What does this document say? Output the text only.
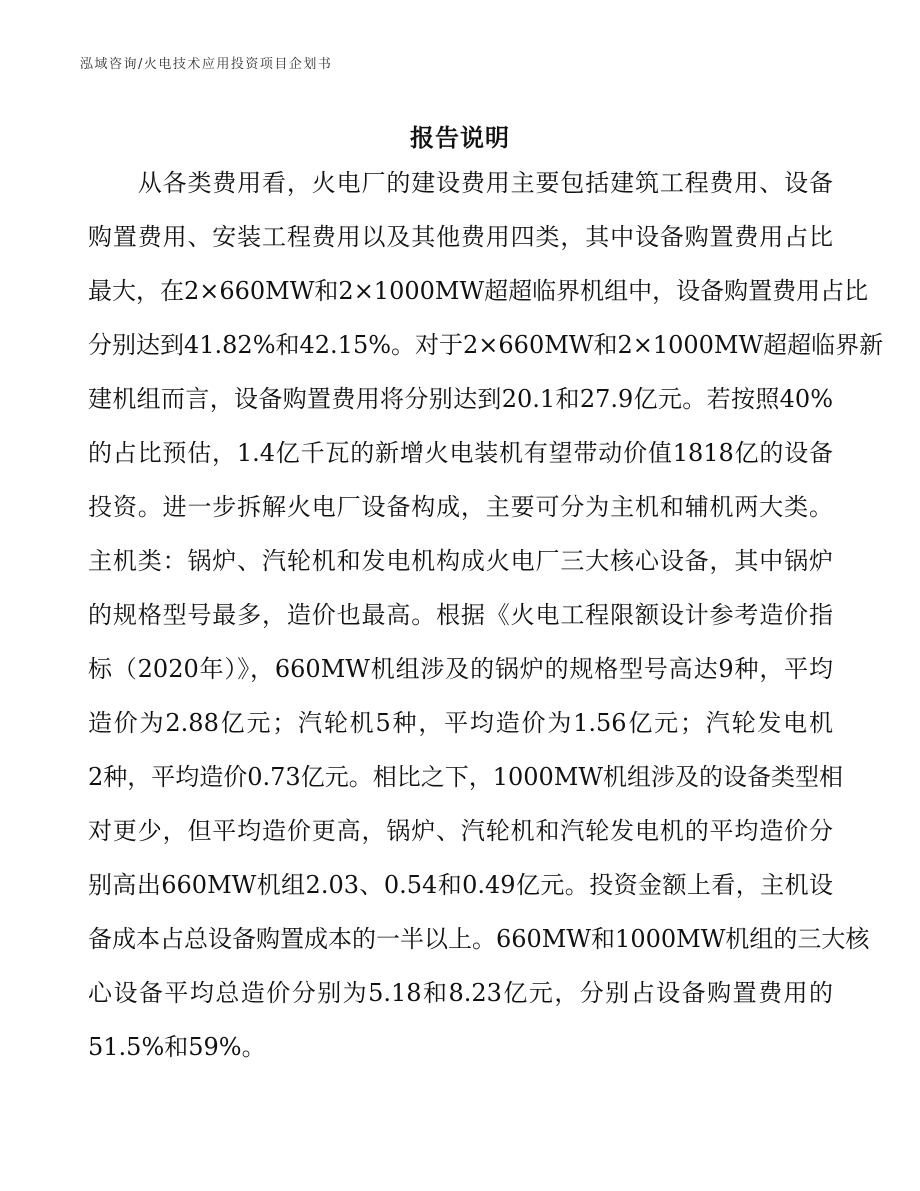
泓域咨询/火电技术应用投资项目企划书
报告说明
　　从各类费用看，火电厂的建设费用主要包括建筑工程费用、设备
购置费用、安装工程费用以及其他费用四类，其中设备购置费用占比
最大，在2×660MW和2×1000MW超超临界机组中，设备购置费用占比
分别达到41.82%和42.15%。对于2×660MW和2×1000MW超超临界新
建机组而言，设备购置费用将分别达到20.1和27.9亿元。若按照40%
的占比预估，1.4亿千瓦的新增火电装机有望带动价值1818亿的设备
投资。进一步拆解火电厂设备构成，主要可分为主机和辅机两大类。
主机类：锅炉、汽轮机和发电机构成火电厂三大核心设备，其中锅炉
的规格型号最多，造价也最高。根据《火电工程限额设计参考造价指
标（2020年）》，660MW机组涉及的锅炉的规格型号高达9种，平均
造价为2.88亿元；汽轮机5种，平均造价为1.56亿元；汽轮发电机
2种，平均造价0.73亿元。相比之下，1000MW机组涉及的设备类型相
对更少，但平均造价更高，锅炉、汽轮机和汽轮发电机的平均造价分
别高出660MW机组2.03、0.54和0.49亿元。投资金额上看，主机设
备成本占总设备购置成本的一半以上。660MW和1000MW机组的三大核
心设备平均总造价分别为5.18和8.23亿元，分别占设备购置费用的
51.5%和59%。
